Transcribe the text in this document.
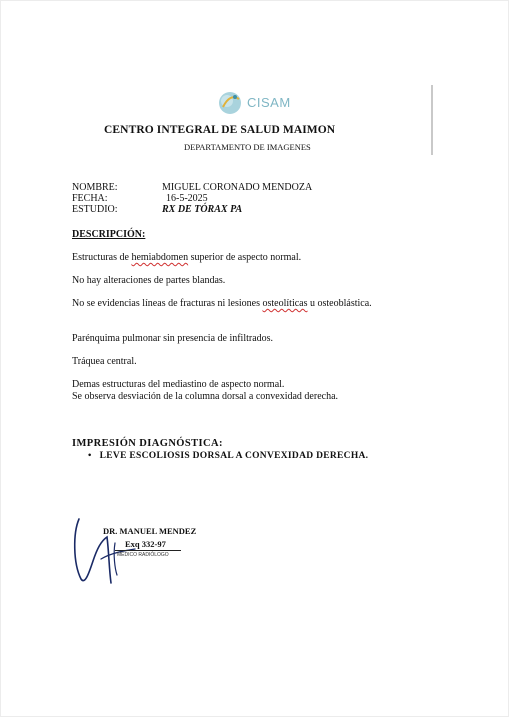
CISAM
CENTRO INTEGRAL DE SALUD MAIMON
DEPARTAMENTO DE IMAGENES
NOMBRE:	MIGUEL CORONADO MENDOZA
FECHA:	16-5-2025
ESTUDIO:	RX DE TÓRAX PA
DESCRIPCIÓN:
Estructuras de hemiabdomen superior de aspecto normal.
No hay alteraciones de partes blandas.
No se evidencias líneas de fracturas ni lesiones osteolíticas u osteoblástica.
Parénquima pulmonar sin presencia de infiltrados.
Tráquea central.
Demas estructuras del mediastino de aspecto normal.
Se observa desviación de la columna dorsal a convexidad derecha.
IMPRESIÓN DIAGNÓSTICA:
• LEVE ESCOLIOSIS DORSAL A CONVEXIDAD DERECHA.
DR. MANUEL MENDEZ
Exq 332-97
MÉDICO RADIÓLOGO
